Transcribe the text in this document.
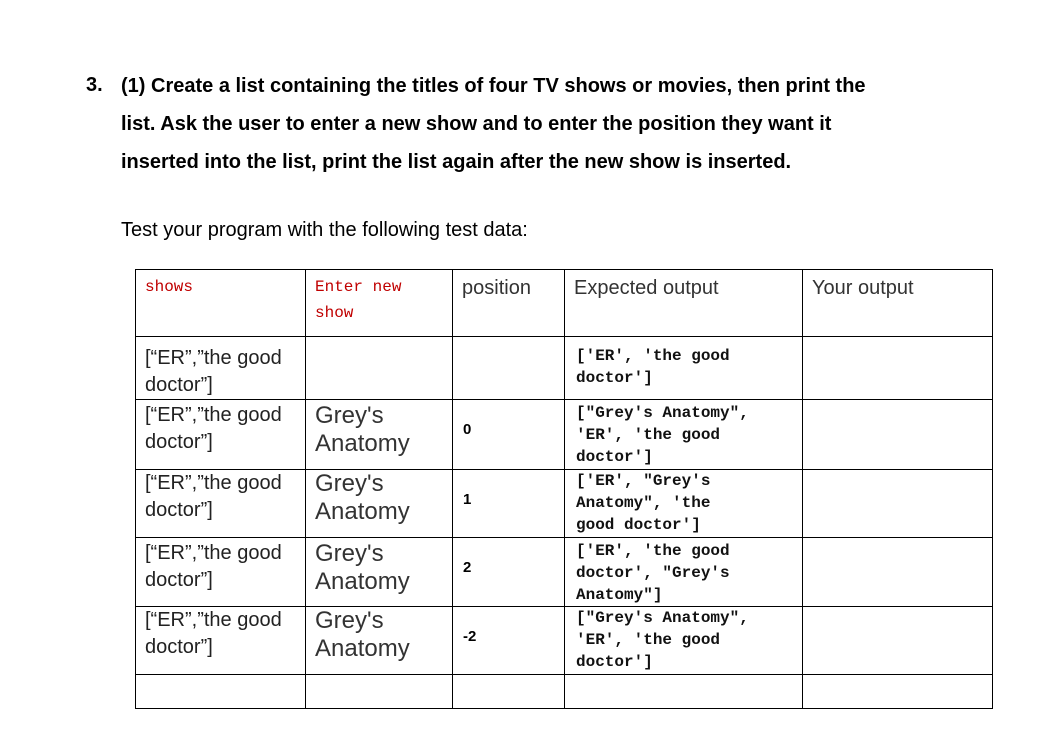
3. (1) Create a list containing the titles of four TV shows or movies, then print the
list. Ask the user to enter a new show and to enter the position they want it
inserted into the list, print the list again after the new show is inserted.
Test your program with the following test data:
shows	Enter new
show	position	Expected output	Your output

[“ER”,”the good
doctor”]			['ER', 'the good
doctor']	

[“ER”,”the good
doctor”]	Grey's
Anatomy	0	["Grey's Anatomy",
'ER', 'the good
doctor']	

[“ER”,”the good
doctor”]	Grey's
Anatomy	1	['ER', "Grey's
Anatomy", 'the
good doctor']	

[“ER”,”the good
doctor”]	Grey's
Anatomy	2	['ER', 'the good
doctor', "Grey's
Anatomy"]	

[“ER”,”the good
doctor”]	Grey's
Anatomy	-2	["Grey's Anatomy",
'ER', 'the good
doctor']	
